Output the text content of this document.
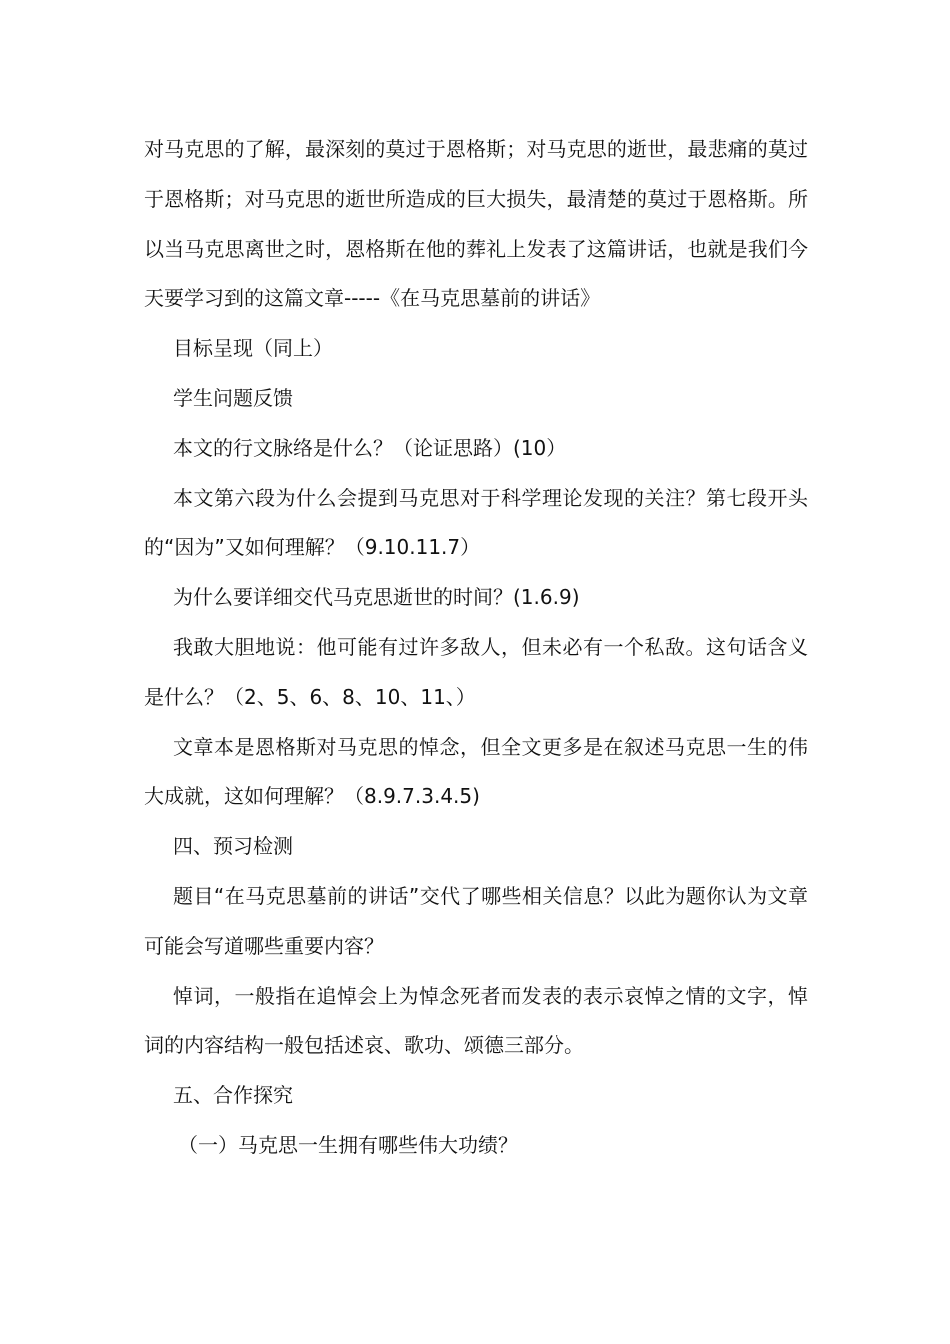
对马克思的了解，最深刻的莫过于恩格斯；对马克思的逝世，最悲痛的莫过于恩格斯；对马克思的逝世所造成的巨大损失，最清楚的莫过于恩格斯。所以当马克思离世之时，恩格斯在他的葬礼上发表了这篇讲话，也就是我们今天要学习到的这篇文章-----《在马克思墓前的讲话》

目标呈现（同上）

学生问题反馈

本文的行文脉络是什么？（论证思路）(10）

本文第六段为什么会提到马克思对于科学理论发现的关注？第七段开头的“因为”又如何理解？（9.10.11.7）

为什么要详细交代马克思逝世的时间？(1.6.9)

我敢大胆地说：他可能有过许多敌人，但未必有一个私敌。这句话含义是什么？（2、5、6、8、10、11、）

文章本是恩格斯对马克思的悼念，但全文更多是在叙述马克思一生的伟大成就，这如何理解？（8.9.7.3.4.5)

四、预习检测

题目“在马克思墓前的讲话”交代了哪些相关信息？以此为题你认为文章可能会写道哪些重要内容？

悼词，一般指在追悼会上为悼念死者而发表的表示哀悼之情的文字，悼词的内容结构一般包括述哀、歌功、颂德三部分。

五、合作探究

（一）马克思一生拥有哪些伟大功绩？
